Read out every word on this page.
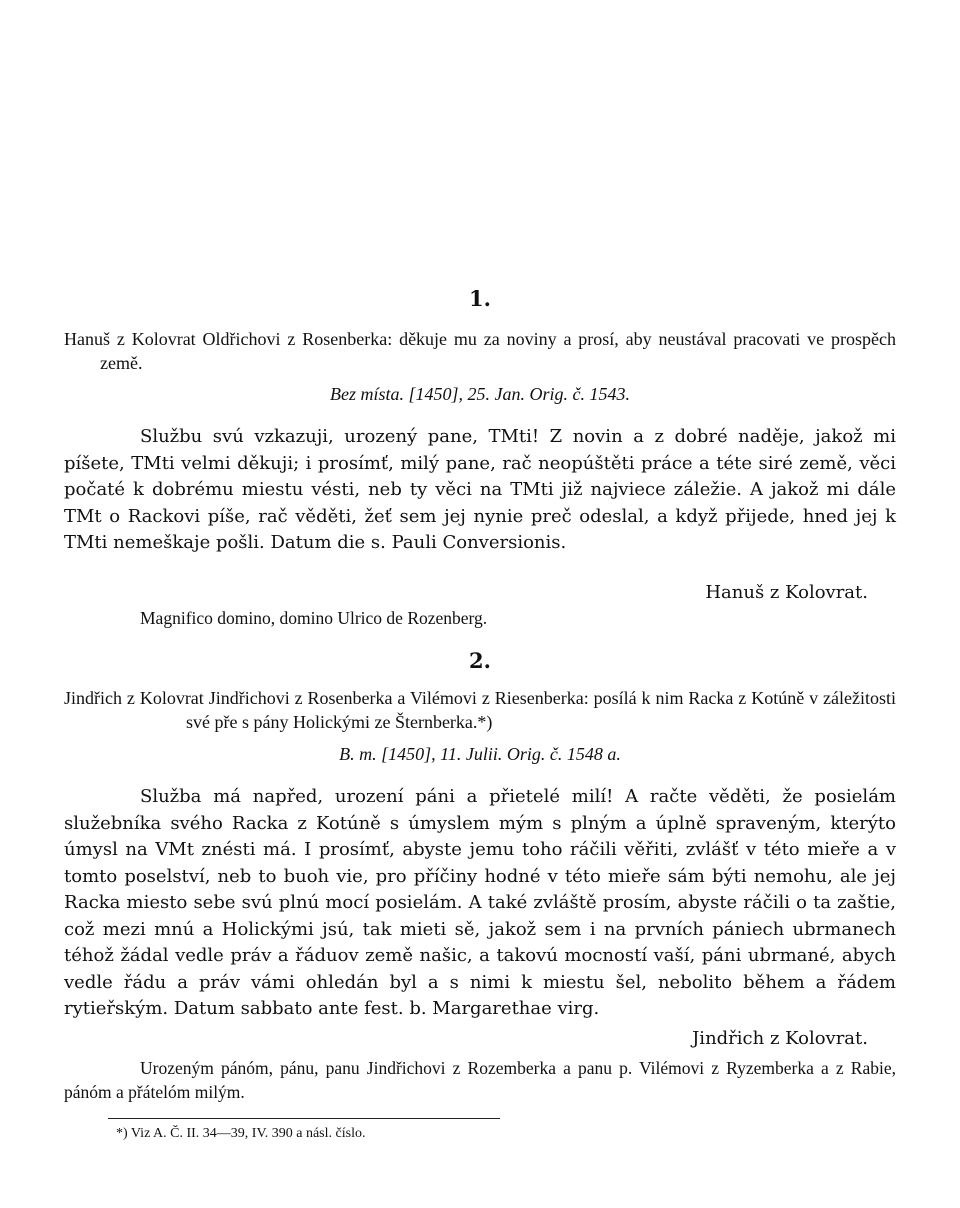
1.
Hanuš z Kolovrat Oldřichovi z Rosenberka: děkuje mu za noviny a prosí, aby neustával pracovati ve prospěch země.
Bez místa. [1450], 25. Jan. Orig. č. 1543.

Službu svú vzkazuji, urozený pane, TMti! Z novin a z dobré naděje, jakož mi píšete, TMti velmi děkuji; i prosímť, milý pane, rač neopúštěti práce a téte siré země, věci počaté k dobrému miestu vésti, neb ty věci na TMti již najviece záležie. A jakož mi dále TMt o Rackovi píše, rač věděti, žeť sem jej nynie preč odeslal, a když přijede, hned jej k TMti nemeškaje pošli. Datum die s. Pauli Conversionis.

Hanuš z Kolovrat.
Magnifico domino, domino Ulrico de Rozenberg.
2.
Jindřich z Kolovrat Jindřichovi z Rosenberka a Vilémovi z Riesenberka: posílá k nim Racka z Kotúně v záležitosti své pře s pány Holickými ze Šternberka.*)
B. m. [1450], 11. Julii. Orig. č. 1548 a.

Služba má napřed, urození páni a přietelé milí! A račte věděti, že posielám služebníka svého Racka z Kotúně s úmyslem mým s plným a úplně spraveným, kterýto úmysl na VMt znésti má. I prosímť, abyste jemu toho ráčili věřiti, zvlášť v této mieře a v tomto poselství, neb to buoh vie, pro příčiny hodné v této mieře sám býti nemohu, ale jej Racka miesto sebe svú plnú mocí posielám. A také zvláště prosím, abyste ráčili o ta zaštie, což mezi mnú a Holickými jsú, tak mieti sě, jakož sem i na prvních pániech ubrmanech téhož žádal vedle práv a řáduov země našic, a takovú mocností vaší, páni ubrmané, abych vedle řádu a práv vámi ohledán byl a s nimi k miestu šel, nebolito během a řádem rytieřským. Datum sabbato ante fest. b. Margarethae virg.

Jindřich z Kolovrat.
Urozeným pánóm, pánu, panu Jindřichovi z Rozemberka a panu p. Vilémovi z Ryzemberka a z Rabie, pánóm a přátelóm milým.
*) Viz A. Č. II. 34—39, IV. 390 a násl. číslo.
